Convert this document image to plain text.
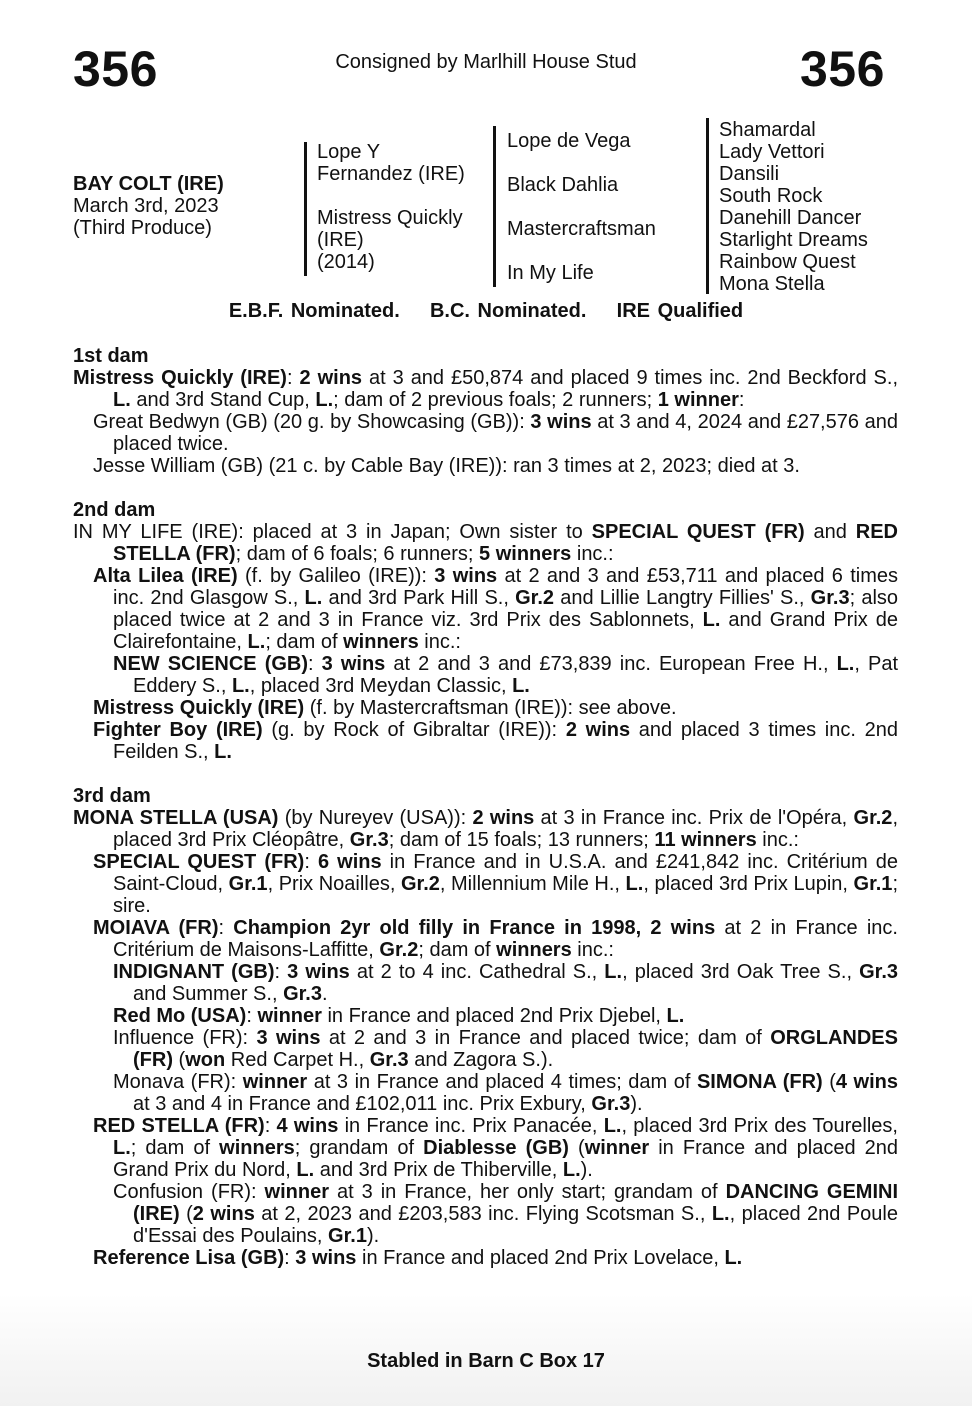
356	Consigned by Marlhill House Stud	356
BAY COLT (IRE)
March 3rd, 2023
(Third Produce)
Lope Y
Fernandez (IRE)
Mistress Quickly
(IRE)
(2014)
Lope de Vega
Black Dahlia
Mastercraftsman
In My Life
Shamardal
Lady Vettori
Dansili
South Rock
Danehill Dancer
Starlight Dreams
Rainbow Quest
Mona Stella
E.B.F. Nominated. B.C. Nominated. IRE Qualified
1st dam
Mistress Quickly (IRE): 2 wins at 3 and £50,874 and placed 9 times inc. 2nd Beckford S., L. and 3rd Stand Cup, L.; dam of 2 previous foals; 2 runners; 1 winner:
Great Bedwyn (GB) (20 g. by Showcasing (GB)): 3 wins at 3 and 4, 2024 and £27,576 and placed twice.
Jesse William (GB) (21 c. by Cable Bay (IRE)): ran 3 times at 2, 2023; died at 3.
2nd dam
IN MY LIFE (IRE): placed at 3 in Japan; Own sister to SPECIAL QUEST (FR) and RED STELLA (FR); dam of 6 foals; 6 runners; 5 winners inc.:
Alta Lilea (IRE) (f. by Galileo (IRE)): 3 wins at 2 and 3 and £53,711 and placed 6 times inc. 2nd Glasgow S., L. and 3rd Park Hill S., Gr.2 and Lillie Langtry Fillies' S., Gr.3; also placed twice at 2 and 3 in France viz. 3rd Prix des Sablonnets, L. and Grand Prix de Clairefontaine, L.; dam of winners inc.:
NEW SCIENCE (GB): 3 wins at 2 and 3 and £73,839 inc. European Free H., L., Pat Eddery S., L., placed 3rd Meydan Classic, L.
Mistress Quickly (IRE) (f. by Mastercraftsman (IRE)): see above.
Fighter Boy (IRE) (g. by Rock of Gibraltar (IRE)): 2 wins and placed 3 times inc. 2nd Feilden S., L.
3rd dam
MONA STELLA (USA) (by Nureyev (USA)): 2 wins at 3 in France inc. Prix de l'Opéra, Gr.2, placed 3rd Prix Cléopâtre, Gr.3; dam of 15 foals; 13 runners; 11 winners inc.:
SPECIAL QUEST (FR): 6 wins in France and in U.S.A. and £241,842 inc. Critérium de Saint-Cloud, Gr.1, Prix Noailles, Gr.2, Millennium Mile H., L., placed 3rd Prix Lupin, Gr.1; sire.
MOIAVA (FR): Champion 2yr old filly in France in 1998, 2 wins at 2 in France inc. Critérium de Maisons-Laffitte, Gr.2; dam of winners inc.:
INDIGNANT (GB): 3 wins at 2 to 4 inc. Cathedral S., L., placed 3rd Oak Tree S., Gr.3 and Summer S., Gr.3.
Red Mo (USA): winner in France and placed 2nd Prix Djebel, L.
Influence (FR): 3 wins at 2 and 3 in France and placed twice; dam of ORGLANDES (FR) (won Red Carpet H., Gr.3 and Zagora S.).
Monava (FR): winner at 3 in France and placed 4 times; dam of SIMONA (FR) (4 wins at 3 and 4 in France and £102,011 inc. Prix Exbury, Gr.3).
RED STELLA (FR): 4 wins in France inc. Prix Panacée, L., placed 3rd Prix des Tourelles, L.; dam of winners; grandam of Diablesse (GB) (winner in France and placed 2nd Grand Prix du Nord, L. and 3rd Prix de Thiberville, L.).
Confusion (FR): winner at 3 in France, her only start; grandam of DANCING GEMINI (IRE) (2 wins at 2, 2023 and £203,583 inc. Flying Scotsman S., L., placed 2nd Poule d'Essai des Poulains, Gr.1).
Reference Lisa (GB): 3 wins in France and placed 2nd Prix Lovelace, L.
Stabled in Barn C Box 17
